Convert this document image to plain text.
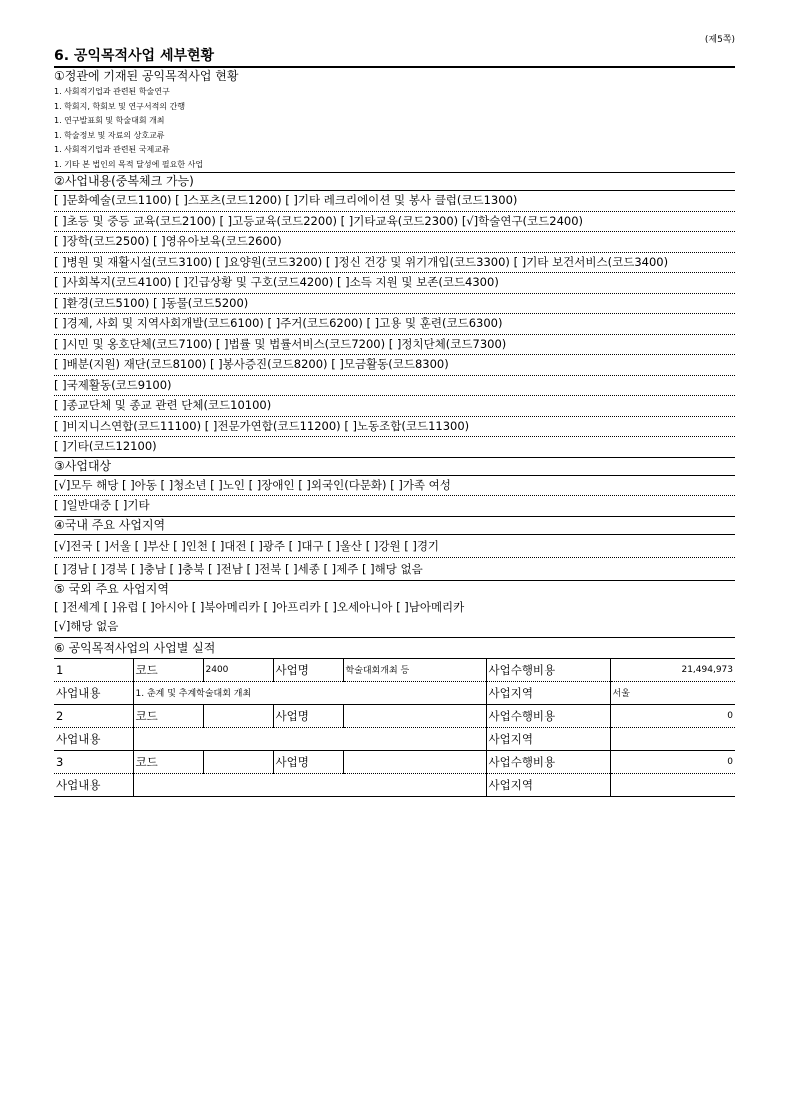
(제5쪽)
6. 공익목적사업 세부현황
①정관에 기재된 공익목적사업 현황
1. 사회적기업과 관련된 학술연구
1. 학회지, 학회보 및 연구서적의 간행
1. 연구발표회 및 학술대회 개최
1. 학술정보 및 자료의 상호교류
1. 사회적기업과 관련된 국제교류
1. 기타 본 법인의 목적 달성에 필요한 사업
②사업내용(중복체크 가능)
[ ]문화예술(코드1100) [ ]스포츠(코드1200) [ ]기타 레크리에이션 및 봉사 클럽(코드1300)
[ ]초등 및 중등 교육(코드2100) [ ]고등교육(코드2200) [ ]기타교육(코드2300) [√]학술연구(코드2400)
[ ]장학(코드2500) [ ]영유아보육(코드2600)
[ ]병원 및 재활시설(코드3100) [ ]요양원(코드3200) [ ]정신 건강 및 위기개입(코드3300) [ ]기타 보건서비스(코드3400)
[ ]사회복지(코드4100) [ ]긴급상황 및 구호(코드4200) [ ]소득 지원 및 보존(코드4300)
[ ]환경(코드5100) [ ]동물(코드5200)
[ ]경제, 사회 및 지역사회개발(코드6100) [ ]주거(코드6200) [ ]고용 및 훈련(코드6300)
[ ]시민 및 옹호단체(코드7100) [ ]법률 및 법률서비스(코드7200) [ ]정치단체(코드7300)
[ ]배분(지원) 재단(코드8100) [ ]봉사증진(코드8200) [ ]모금활동(코드8300)
[ ]국제활동(코드9100)
[ ]종교단체 및 종교 관련 단체(코드10100)
[ ]비지니스연합(코드11100) [ ]전문가연합(코드11200) [ ]노동조합(코드11300)
[ ]기타(코드12100)
③사업대상
[√]모두 해당 [ ]아동 [ ]청소년 [ ]노인 [ ]장애인 [ ]외국인(다문화) [ ]가족 여성
[ ]일반대중 [ ]기타
④국내 주요 사업지역
[√]전국 [ ]서울 [ ]부산 [ ]인천 [ ]대전 [ ]광주 [ ]대구 [ ]울산 [ ]강원 [ ]경기
[ ]경남 [ ]경북 [ ]충남 [ ]충북 [ ]전남 [ ]전북 [ ]세종 [ ]제주 [ ]해당 없음
⑤ 국외 주요 사업지역
[ ]전세계 [ ]유럽 [ ]아시아 [ ]북아메리카 [ ]아프리카 [ ]오세아니아 [ ]남아메리카
[√]해당 없음
⑥ 공익목적사업의 사업별 실적
1	코드	2400	사업명	학술대회개최 등	사업수행비용	21,494,973
사업내용	1. 춘계 및 추계학술대회 개최				사업지역	서울
2	코드		사업명		사업수행비용	0
사업내용					사업지역	
3	코드		사업명		사업수행비용	0
사업내용					사업지역	
